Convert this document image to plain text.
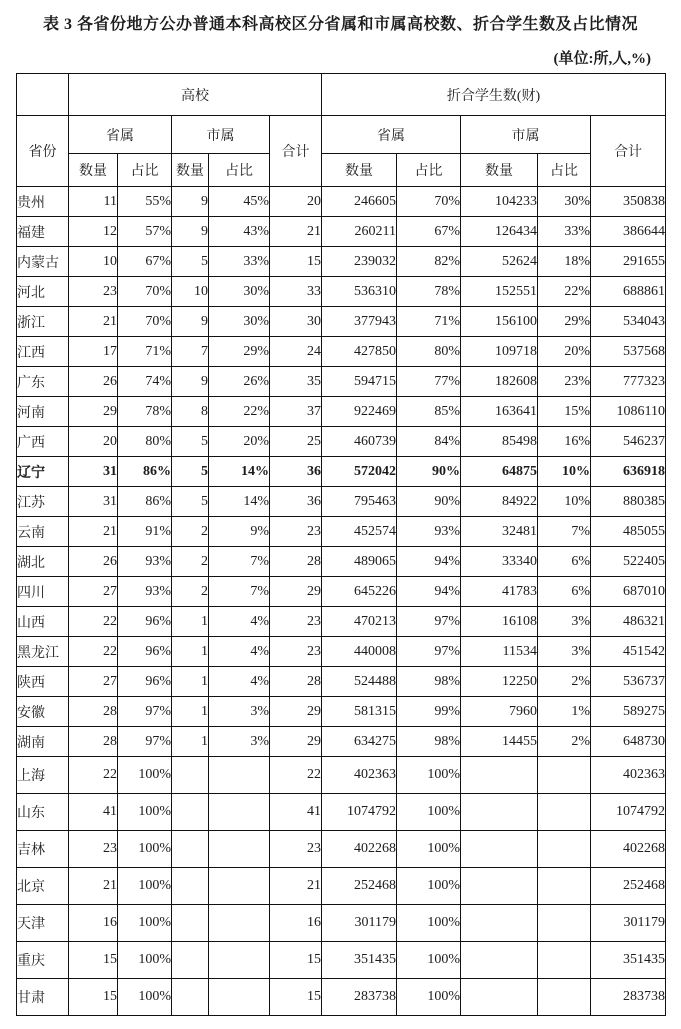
表 3 各省份地方公办普通本科高校区分省属和市属高校数、折合学生数及占比情况
(单位:所,人,%)
	高校					折合学生数(财)				
省份	省属		市属		合计	省属		市属		合计
	数量	占比	数量	占比		数量	占比	数量	占比	
贵州	11	55%	9	45%	20	246605	70%	104233	30%	350838
福建	12	57%	9	43%	21	260211	67%	126434	33%	386644
内蒙古	10	67%	5	33%	15	239032	82%	52624	18%	291655
河北	23	70%	10	30%	33	536310	78%	152551	22%	688861
浙江	21	70%	9	30%	30	377943	71%	156100	29%	534043
江西	17	71%	7	29%	24	427850	80%	109718	20%	537568
广东	26	74%	9	26%	35	594715	77%	182608	23%	777323
河南	29	78%	8	22%	37	922469	85%	163641	15%	1086110
广西	20	80%	5	20%	25	460739	84%	85498	16%	546237
辽宁	31	86%	5	14%	36	572042	90%	64875	10%	636918
江苏	31	86%	5	14%	36	795463	90%	84922	10%	880385
云南	21	91%	2	9%	23	452574	93%	32481	7%	485055
湖北	26	93%	2	7%	28	489065	94%	33340	6%	522405
四川	27	93%	2	7%	29	645226	94%	41783	6%	687010
山西	22	96%	1	4%	23	470213	97%	16108	3%	486321
黑龙江	22	96%	1	4%	23	440008	97%	11534	3%	451542
陕西	27	96%	1	4%	28	524488	98%	12250	2%	536737
安徽	28	97%	1	3%	29	581315	99%	7960	1%	589275
湖南	28	97%	1	3%	29	634275	98%	14455	2%	648730
上海	22	100%			22	402363	100%			402363
山东	41	100%			41	1074792	100%			1074792
吉林	23	100%			23	402268	100%			402268
北京	21	100%			21	252468	100%			252468
天津	16	100%			16	301179	100%			301179
重庆	15	100%			15	351435	100%			351435
甘肃	15	100%			15	283738	100%			283738
